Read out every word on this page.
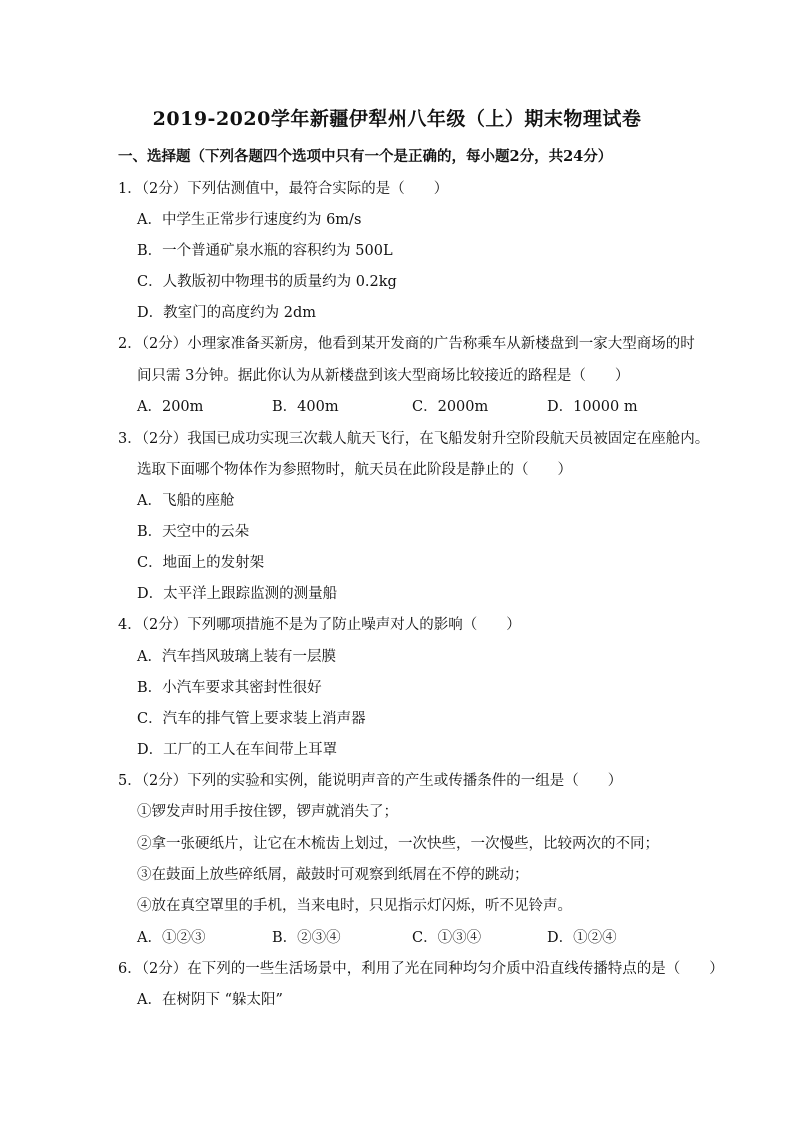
2019-2020学年新疆伊犁州八年级（上）期末物理试卷
一、选择题（下列各题四个选项中只有一个是正确的，每小题2分，共24分）
1．（2分）下列估测值中，最符合实际的是（　　）
A．中学生正常步行速度约为 6m/s
B．一个普通矿泉水瓶的容积约为 500L
C．人教版初中物理书的质量约为 0.2kg
D．教室门的高度约为 2dm
2．（2分）小理家准备买新房，他看到某开发商的广告称乘车从新楼盘到一家大型商场的时
间只需 3分钟。据此你认为从新楼盘到该大型商场比较接近的路程是（　　）
A．200m	B．400m	C．2000m	D．10000 m
3．（2分）我国已成功实现三次载人航天飞行，在飞船发射升空阶段航天员被固定在座舱内。
选取下面哪个物体作为参照物时，航天员在此阶段是静止的（　　）
A．飞船的座舱
B．天空中的云朵
C．地面上的发射架
D．太平洋上跟踪监测的测量船
4．（2分）下列哪项措施不是为了防止噪声对人的影响（　　）
A．汽车挡风玻璃上装有一层膜
B．小汽车要求其密封性很好
C．汽车的排气管上要求装上消声器
D．工厂的工人在车间带上耳罩
5．（2分）下列的实验和实例，能说明声音的产生或传播条件的一组是（　　）
①锣发声时用手按住锣，锣声就消失了；
②拿一张硬纸片，让它在木梳齿上划过，一次快些，一次慢些，比较两次的不同；
③在鼓面上放些碎纸屑，敲鼓时可观察到纸屑在不停的跳动；
④放在真空罩里的手机，当来电时，只见指示灯闪烁，听不见铃声。
A．①②③	B．②③④	C．①③④	D．①②④
6．（2分）在下列的一些生活场景中，利用了光在同种均匀介质中沿直线传播特点的是（　　）
A．在树阴下 “躲太阳”
